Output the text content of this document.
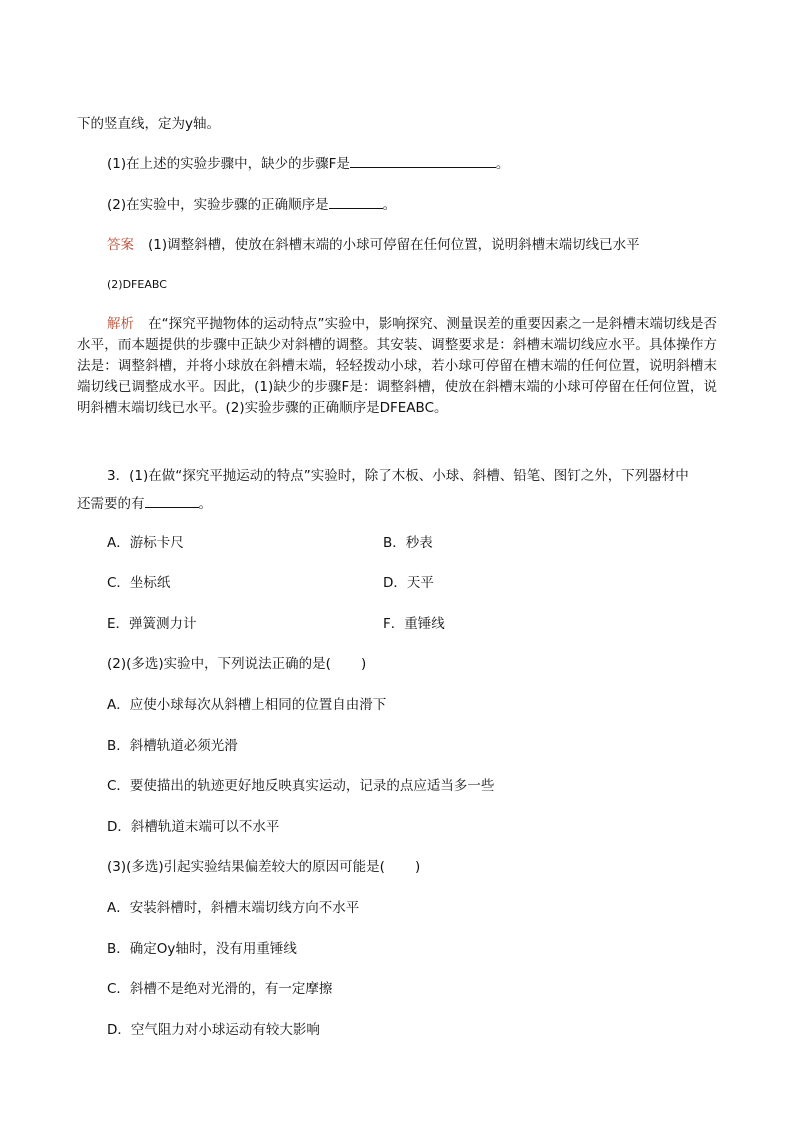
下的竖直线，定为y轴。
(1)在上述的实验步骤中，缺少的步骤F是	。
(2)在实验中，实验步骤的正确顺序是	。
答案 (1)调整斜槽，使放在斜槽末端的小球可停留在任何位置，说明斜槽末端切线已水平
(2)DFEABC
解析 在“探究平抛物体的运动特点”实验中，影响探究、测量误差的重要因素之一是斜槽末端切线是否水平，而本题提供的步骤中正缺少对斜槽的调整。其安装、调整要求是：斜槽末端切线应水平。具体操作方法是：调整斜槽，并将小球放在斜槽末端，轻轻拨动小球，若小球可停留在槽末端的任何位置，说明斜槽末端切线已调整成水平。因此，(1)缺少的步骤F是：调整斜槽，使放在斜槽末端的小球可停留在任何位置，说明斜槽末端切线已水平。(2)实验步骤的正确顺序是DFEABC。
3．(1)在做“探究平抛运动的特点”实验时，除了木板、小球、斜槽、铅笔、图钉之外，下列器材中
还需要的有	。
A．游标卡尺	B．秒表
C．坐标纸	D．天平
E．弹簧测力计	F．重锤线
(2)(多选)实验中，下列说法正确的是( )
A．应使小球每次从斜槽上相同的位置自由滑下
B．斜槽轨道必须光滑
C．要使描出的轨迹更好地反映真实运动，记录的点应适当多一些
D．斜槽轨道末端可以不水平
(3)(多选)引起实验结果偏差较大的原因可能是( )
A．安装斜槽时，斜槽末端切线方向不水平
B．确定Oy轴时，没有用重锤线
C．斜槽不是绝对光滑的，有一定摩擦
D．空气阻力对小球运动有较大影响
